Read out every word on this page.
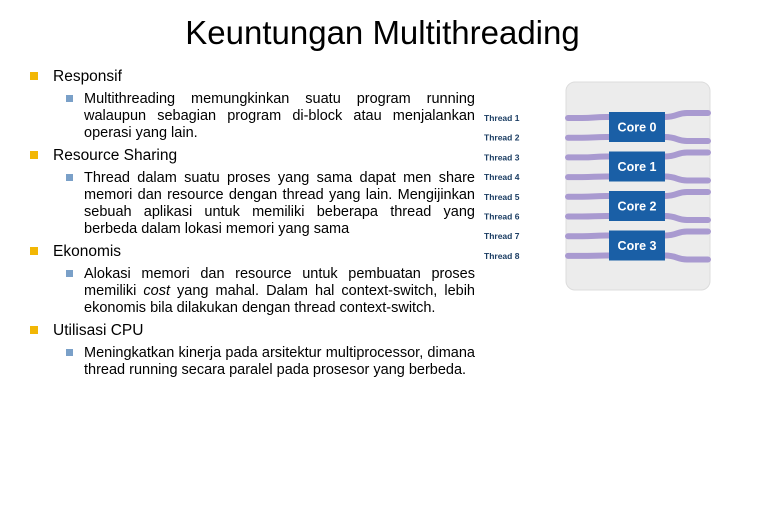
Keuntungan Multithreading
Responsif
Multithreading memungkinkan suatu program running walaupun sebagian program di-block atau menjalankan operasi yang lain.
Resource Sharing
Thread dalam suatu proses yang sama dapat men share memori dan resource dengan thread yang lain. Mengijinkan sebuah aplikasi untuk memiliki beberapa thread yang berbeda dalam lokasi memori yang sama
Ekonomis
Alokasi memori dan resource untuk pembuatan proses memiliki cost yang mahal. Dalam hal context-switch, lebih ekonomis bila dilakukan dengan thread context-switch.
Utilisasi CPU
Meningkatkan kinerja pada arsitektur multiprocessor, dimana thread running secara paralel pada prosesor yang berbeda.
Core 0
Core 1
Core 2
Core 3
Thread 1
Thread 2
Thread 3
Thread 4
Thread 5
Thread 6
Thread 7
Thread 8
